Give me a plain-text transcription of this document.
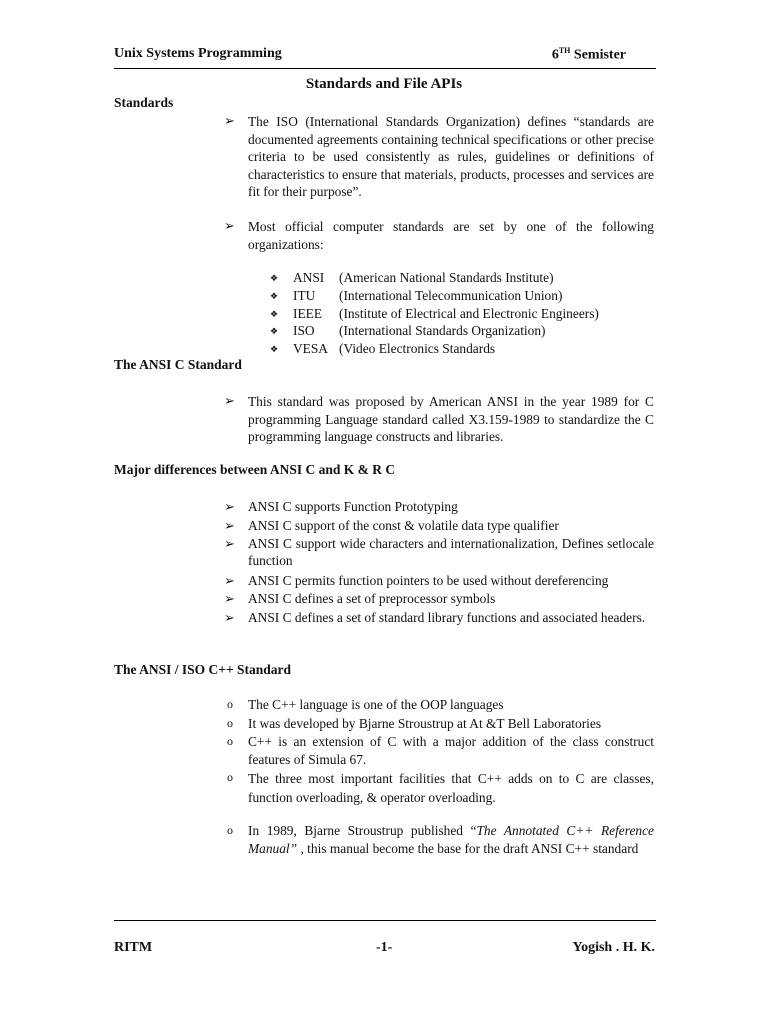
Unix Systems Programming	6TH Semister
Standards and File APIs
Standards
➢ The ISO (International Standards Organization) defines “standards are documented agreements containing technical specifications or other precise criteria to be used consistently as rules, guidelines or definitions of characteristics to ensure that materials, products, processes and services are fit for their purpose”.
➢ Most official computer standards are set by one of the following organizations:
❖ ANSI (American National Standards Institute)
❖ ITU (International Telecommunication Union)
❖ IEEE (Institute of Electrical and Electronic Engineers)
❖ ISO (International Standards Organization)
❖ VESA (Video Electronics Standards
The ANSI C Standard
➢ This standard was proposed by American ANSI in the year 1989 for C programming Language standard called X3.159-1989 to standardize the C programming language constructs and libraries.
Major differences between ANSI C and K & R C
➢ ANSI C supports Function Prototyping
➢ ANSI C support of the const & volatile data type qualifier
➢ ANSI C support wide characters and internationalization, Defines setlocale function
➢ ANSI C permits function pointers to be used without dereferencing
➢ ANSI C defines a set of preprocessor symbols
➢ ANSI C defines a set of standard library functions and associated headers.
The ANSI / ISO C++ Standard
o The C++ language is one of the OOP languages
o It was developed by Bjarne Stroustrup at At &T Bell Laboratories
o C++ is an extension of C with a major addition of the class construct features of Simula 67.
o The three most important facilities that C++ adds on to C are classes, function overloading, & operator overloading.
o In 1989, Bjarne Stroustrup published “The Annotated C++ Reference Manual” , this manual become the base for the draft ANSI C++ standard
RITM	-1-	Yogish . H. K.
